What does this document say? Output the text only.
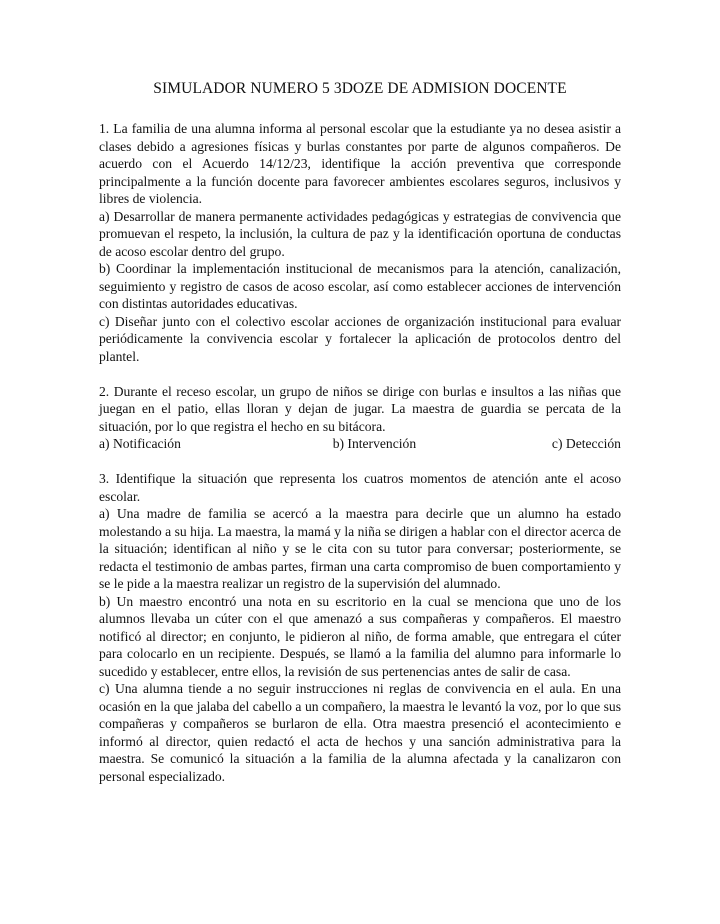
SIMULADOR NUMERO 5 3DOZE DE ADMISION DOCENTE

1. La familia de una alumna informa al personal escolar que la estudiante ya no desea asistir a clases debido a agresiones físicas y burlas constantes por parte de algunos compañeros. De acuerdo con el Acuerdo 14/12/23, identifique la acción preventiva que corresponde principalmente a la función docente para favorecer ambientes escolares seguros, inclusivos y libres de violencia.

a) Desarrollar de manera permanente actividades pedagógicas y estrategias de convivencia que promuevan el respeto, la inclusión, la cultura de paz y la identificación oportuna de conductas de acoso escolar dentro del grupo.

b) Coordinar la implementación institucional de mecanismos para la atención, canalización, seguimiento y registro de casos de acoso escolar, así como establecer acciones de intervención con distintas autoridades educativas.

c) Diseñar junto con el colectivo escolar acciones de organización institucional para evaluar periódicamente la convivencia escolar y fortalecer la aplicación de protocolos dentro del plantel.

2. Durante el receso escolar, un grupo de niños se dirige con burlas e insultos a las niñas que juegan en el patio, ellas lloran y dejan de jugar. La maestra de guardia se percata de la situación, por lo que registra el hecho en su bitácora.

a) Notificación	b) Intervención	c) Detección

3. Identifique la situación que representa los cuatros momentos de atención ante el acoso escolar.

a) Una madre de familia se acercó a la maestra para decirle que un alumno ha estado molestando a su hija. La maestra, la mamá y la niña se dirigen a hablar con el director acerca de la situación; identifican al niño y se le cita con su tutor para conversar; posteriormente, se redacta el testimonio de ambas partes, firman una carta compromiso de buen comportamiento y se le pide a la maestra realizar un registro de la supervisión del alumnado.

b) Un maestro encontró una nota en su escritorio en la cual se menciona que uno de los alumnos llevaba un cúter con el que amenazó a sus compañeras y compañeros. El maestro notificó al director; en conjunto, le pidieron al niño, de forma amable, que entregara el cúter para colocarlo en un recipiente. Después, se llamó a la familia del alumno para informarle lo sucedido y establecer, entre ellos, la revisión de sus pertenencias antes de salir de casa.

c) Una alumna tiende a no seguir instrucciones ni reglas de convivencia en el aula. En una ocasión en la que jalaba del cabello a un compañero, la maestra le levantó la voz, por lo que sus compañeras y compañeros se burlaron de ella. Otra maestra presenció el acontecimiento e informó al director, quien redactó el acta de hechos y una sanción administrativa para la maestra. Se comunicó la situación a la familia de la alumna afectada y la canalizaron con personal especializado.
